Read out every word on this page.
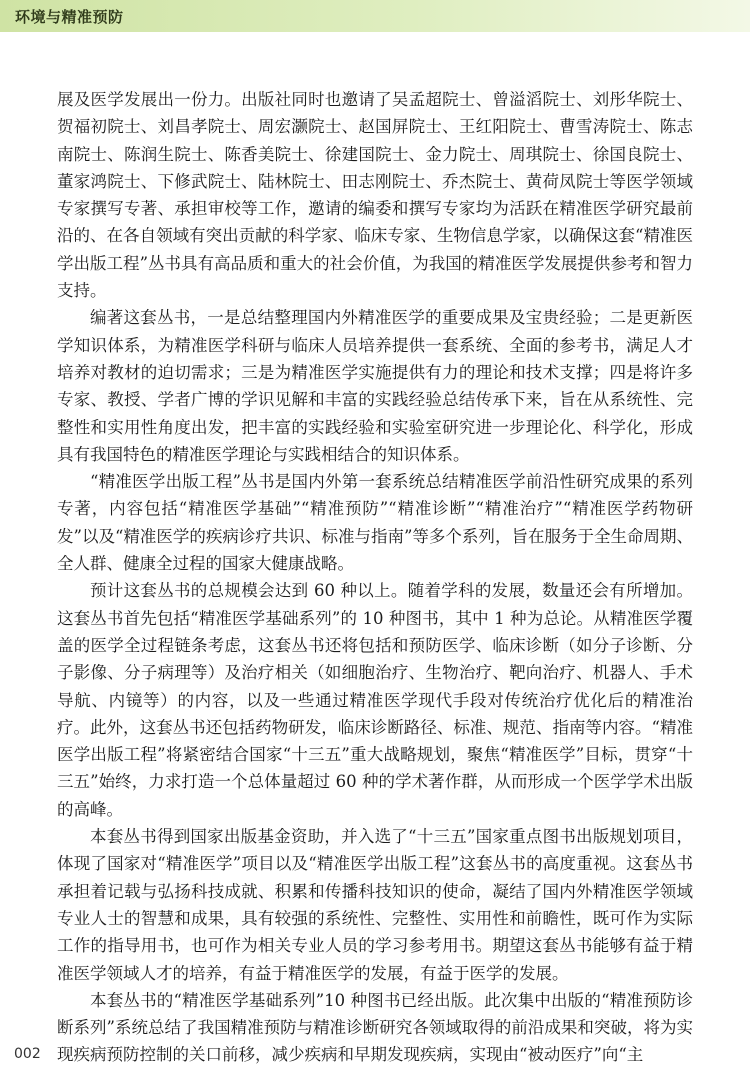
环境与精准预防

展及医学发展出一份力。出版社同时也邀请了吴孟超院士、曾溢滔院士、刘彤华院士、贺福初院士、刘昌孝院士、周宏灏院士、赵国屏院士、王红阳院士、曹雪涛院士、陈志南院士、陈润生院士、陈香美院士、徐建国院士、金力院士、周琪院士、徐国良院士、董家鸿院士、下修武院士、陆林院士、田志刚院士、乔杰院士、黄荷凤院士等医学领域专家撰写专著、承担审校等工作，邀请的编委和撰写专家均为活跃在精准医学研究最前沿的、在各自领域有突出贡献的科学家、临床专家、生物信息学家，以确保这套“精准医学出版工程”丛书具有高品质和重大的社会价值，为我国的精准医学发展提供参考和智力支持。

编著这套丛书，一是总结整理国内外精准医学的重要成果及宝贵经验；二是更新医学知识体系，为精准医学科研与临床人员培养提供一套系统、全面的参考书，满足人才培养对教材的迫切需求；三是为精准医学实施提供有力的理论和技术支撑；四是将许多专家、教授、学者广博的学识见解和丰富的实践经验总结传承下来，旨在从系统性、完整性和实用性角度出发，把丰富的实践经验和实验室研究进一步理论化、科学化，形成具有我国特色的精准医学理论与实践相结合的知识体系。

“精准医学出版工程”丛书是国内外第一套系统总结精准医学前沿性研究成果的系列专著，内容包括“精准医学基础”“精准预防”“精准诊断”“精准治疗”“精准医学药物研发”以及“精准医学的疾病诊疗共识、标准与指南”等多个系列，旨在服务于全生命周期、全人群、健康全过程的国家大健康战略。

预计这套丛书的总规模会达到 60 种以上。随着学科的发展，数量还会有所增加。这套丛书首先包括“精准医学基础系列”的 10 种图书，其中 1 种为总论。从精准医学覆盖的医学全过程链条考虑，这套丛书还将包括和预防医学、临床诊断（如分子诊断、分子影像、分子病理等）及治疗相关（如细胞治疗、生物治疗、靶向治疗、机器人、手术导航、内镜等）的内容，以及一些通过精准医学现代手段对传统治疗优化后的精准治疗。此外，这套丛书还包括药物研发，临床诊断路径、标准、规范、指南等内容。“精准医学出版工程”将紧密结合国家“十三五”重大战略规划，聚焦“精准医学”目标，贯穿“十三五”始终，力求打造一个总体量超过 60 种的学术著作群，从而形成一个医学学术出版的高峰。

本套丛书得到国家出版基金资助，并入选了“十三五”国家重点图书出版规划项目，体现了国家对“精准医学”项目以及“精准医学出版工程”这套丛书的高度重视。这套丛书承担着记载与弘扬科技成就、积累和传播科技知识的使命，凝结了国内外精准医学领域专业人士的智慧和成果，具有较强的系统性、完整性、实用性和前瞻性，既可作为实际工作的指导用书，也可作为相关专业人员的学习参考用书。期望这套丛书能够有益于精准医学领域人才的培养，有益于精准医学的发展，有益于医学的发展。

本套丛书的“精准医学基础系列”10 种图书已经出版。此次集中出版的“精准预防诊断系列”系统总结了我国精准预防与精准诊断研究各领域取得的前沿成果和突破，将为实现疾病预防控制的关口前移，减少疾病和早期发现疾病，实现由“被动医疗”向“主

002
